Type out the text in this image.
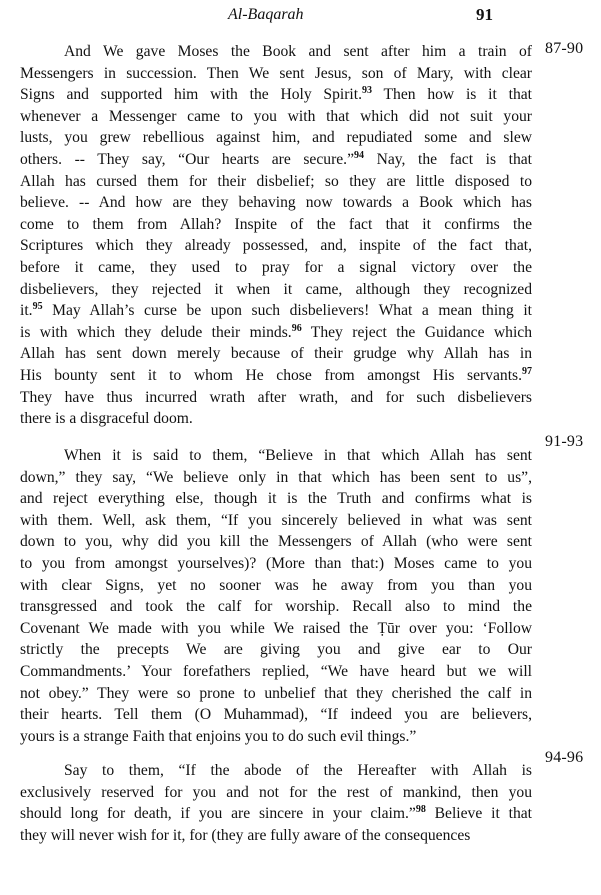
Al-Baqarah	91
87-90
And We gave Moses the Book and sent after him a train of
Messengers in succession. Then We sent Jesus, son of Mary, with clear
Signs and supported him with the Holy Spirit.$^{93}$ Then how is it that
whenever a Messenger came to you with that which did not suit your
lusts, you grew rebellious against him, and repudiated some and slew
others. -- They say, “Our hearts are secure.”$^{94}$ Nay, the fact is that
Allah has cursed them for their disbelief; so they are little disposed to
believe. -- And how are they behaving now towards a Book which has
come to them from Allah? Inspite of the fact that it confirms the
Scriptures which they already possessed, and, inspite of the fact that,
before it came, they used to pray for a signal victory over the
disbelievers, they rejected it when it came, although they recognized
it.$^{95}$ May Allah’s curse be upon such disbelievers! What a mean thing it
is with which they delude their minds.$^{96}$ They reject the Guidance which
Allah has sent down merely because of their grudge why Allah has in
His bounty sent it to whom He chose from amongst His servants.$^{97}$
They have thus incurred wrath after wrath, and for such disbelievers
there is a disgraceful doom.
91-93
When it is said to them, “Believe in that which Allah has sent
down,” they say, “We believe only in that which has been sent to us”,
and reject everything else, though it is the Truth and confirms what is
with them. Well, ask them, “If you sincerely believed in what was sent
down to you, why did you kill the Messengers of Allah (who were sent
to you from amongst yourselves)? (More than that:) Moses came to you
with clear Signs, yet no sooner was he away from you than you
transgressed and took the calf for worship. Recall also to mind the
Covenant We made with you while We raised the Ṭūr over you: ‘Follow
strictly the precepts We are giving you and give ear to Our
Commandments.’ Your forefathers replied, “We have heard but we will
not obey.” They were so prone to unbelief that they cherished the calf in
their hearts. Tell them (O Muhammad), “If indeed you are believers,
yours is a strange Faith that enjoins you to do such evil things.”
94-96
Say to them, “If the abode of the Hereafter with Allah is
exclusively reserved for you and not for the rest of mankind, then you
should long for death, if you are sincere in your claim.”$^{98}$ Believe it that
they will never wish for it, for (they are fully aware of the consequences
